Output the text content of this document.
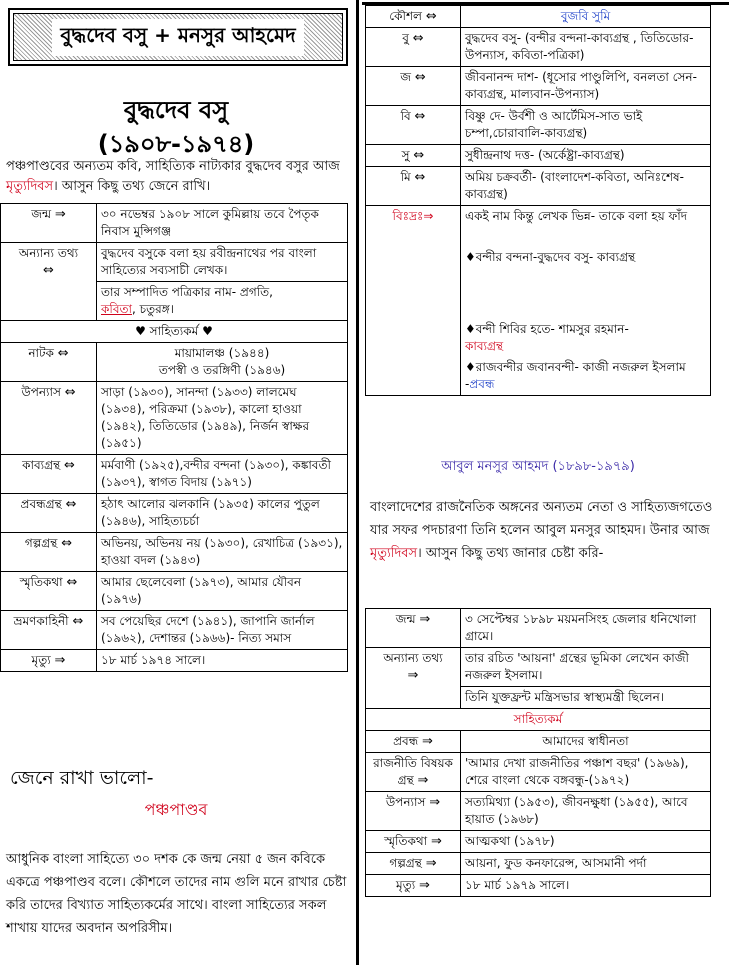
বুদ্ধদেব বসু + মনসুর আহমেদ
বুদ্ধদেব বসু
(১৯০৮-১৯৭৪)
পঞ্চপাণ্ডবের অন্যতম কবি, সাহিত্যিক নাট্যকার বুদ্ধদেব বসুর আজ মৃত্যুদিবস। আসুন কিছু তথ্য জেনে রাখি।
জন্ম ⇒	৩০ নভেম্বর ১৯০৮ সালে কুমিল্লায় তবে পৈতৃক নিবাস মুন্সিগঞ্জ
অন্যান্য তথ্য
⇔	বুদ্ধদেব বসুকে বলা হয় রবীন্দ্রনাথের পর বাংলা সাহিত্যের সব্যসাচী লেখক।
	তার সম্পাদিত পত্রিকার নাম- প্রগতি,
কবিতা, চতুরঙ্গ।
♥ সাহিত্যকর্ম ♥	
নাটক ⇔	মায়ামালঞ্চ (১৯৪৪)
তপস্বী ও তরঙ্গিণী (১৯৪৬)
উপন্যাস ⇔	সাড়া (১৯৩০), সানন্দা (১৯৩৩) লালমেঘ (১৯৩৪), পরিক্রমা (১৯৩৮), কালো হাওয়া (১৯৪২), তিতিডোর (১৯৪৯), নির্জন স্বাক্ষর (১৯৫১)
কাব্যগ্রন্থ ⇔	মর্মবাণী (১৯২৫),বন্দীর বন্দনা (১৯৩০), কঙ্কাবতী (১৯৩৭), স্বাগত বিদায় (১৯৭১)
প্রবন্ধগ্রন্থ ⇔	হঠাৎ আলোর ঝলকানি (১৯৩৫) কালের পুতুল (১৯৪৬), সাহিত্যচর্চা
গল্পগ্রন্থ ⇔	অভিনয়, অভিনয় নয় (১৯৩০), রেখাচিত্র (১৯৩১), হাওয়া বদল (১৯৪৩)
স্মৃতিকথা ⇔	আমার ছেলেবেলা (১৯৭৩), আমার যৌবন (১৯৭৬)
ভ্রমণকাহিনী ⇔	সব পেয়েছির দেশে (১৯৪১), জাপানি জার্নাল (১৯৬২), দেশান্তর (১৯৬৬)- নিত্য সমাস
মৃত্যু ⇒	১৮ মার্চ ১৯৭৪ সালে।
জেনে রাখা ভালো-
পঞ্চপাণ্ডব
আধুনিক বাংলা সাহিত্যে ৩০ দশক কে জন্ম নেয়া ৫ জন কবিকে একত্রে পঞ্চপাণ্ডব বলে। কৌশলে তাদের নাম গুলি মনে রাখার চেষ্টা করি তাদের বিখ্যাত সাহিত্যকর্মের সাথে। বাংলা সাহিত্যের সকল শাখায় যাদের অবদান অপরিসীম।
কৌশল ⇔	বুজবি সুমি
বু ⇔	বুদ্ধদেব বসু- (বন্দীর বন্দনা-কাব্যগ্রন্থ , তিতিডোর-উপন্যাস, কবিতা-পত্রিকা)
জ ⇔	জীবনানন্দ দাশ- (ধূসোর পাণ্ডুলিপি, বনলতা সেন-কাব্যগ্রন্থ, মাল্যবান-উপন্যাস)
বি ⇔	বিষ্ণু দে- উর্বশী ও আর্টেমিস-সাত ভাই চম্পা,চোরাবালি-কাব্যগ্রন্থ)
সু ⇔	সুধীন্দ্রনাথ দত্ত- (অর্কেষ্ট্রা-কাব্যগ্রন্থ)
মি ⇔	অমিয় চক্রবর্তী- (বাংলাদেশ-কবিতা, অনিঃশেষ-কাব্যগ্রন্থ)
বিঃদ্রঃ⇒	একই নাম কিন্তু লেখক ভিন্ন- তাকে বলা হয় ফাঁদ
	♦বন্দীর বন্দনা-বুদ্ধদেব বসু- কাব্যগ্রন্থ
	♦বন্দী শিবির হতে- শামসুর রহমান-
কাব্যগ্রন্থ
	♦রাজবন্দীর জবানবন্দী- কাজী নজরুল ইসলাম -প্রবন্ধ
আবুল মনসুর আহমদ (১৮৯৮-১৯৭৯)
বাংলাদেশের রাজনৈতিক অঙ্গনের অন্যতম নেতা ও সাহিত্যজগতেও যার সফর পদচারণা তিনি হলেন আবুল মনসুর আহমদ। উনার আজ মৃত্যুদিবস। আসুন কিছু তথ্য জানার চেষ্টা করি-
জন্ম ⇒	৩ সেপ্টেম্বর ১৮৯৮ ময়মনসিংহ জেলার ধনিখোলা গ্রামে।
অন্যান্য তথ্য
⇒	তার রচিত 'আয়না' গ্রন্থের ভূমিকা লেখেন কাজী নজরুল ইসলাম।
	তিনি যুক্তফ্রন্ট মন্ত্রিসভার স্বাস্থ্যমন্ত্রী ছিলেন।
সাহিত্যকর্ম	
প্রবন্ধ ⇒	আমাদের স্বাধীনতা
রাজনীতি বিষয়ক গ্রন্থ ⇒	'আমার দেখা রাজনীতির পঞ্চাশ বছর' (১৯৬৯),
শেরে বাংলা থেকে বঙ্গবন্ধু-(১৯৭২)
উপন্যাস ⇒	সত্যমিথ্যা (১৯৫৩), জীবনক্ষুধা (১৯৫৫), আবে হায়াত (১৯৬৮)
স্মৃতিকথা ⇒	আত্মকথা (১৯৭৮)
গল্পগ্রন্থ ⇒	আয়না, ফুড কনফারেন্স, আসমানী পর্দা
মৃত্যু ⇒	১৮ মার্চ ১৯৭৯ সালে।
